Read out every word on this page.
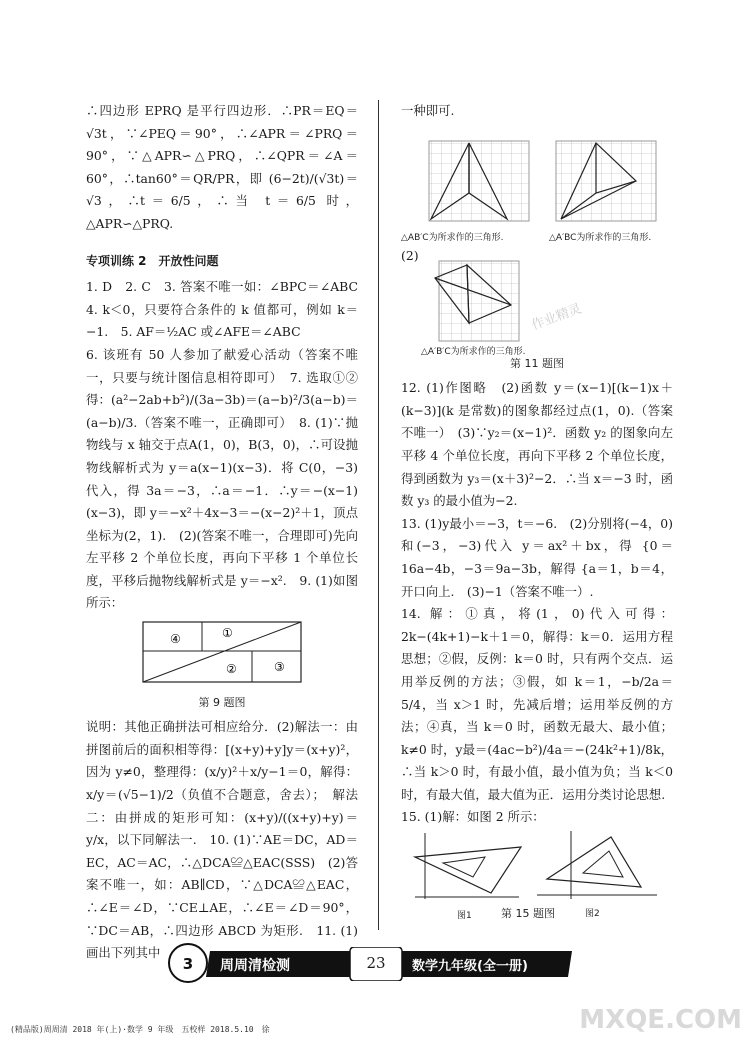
∴四边形 EPRQ 是平行四边形．∴PR＝EQ＝√3t，∵∠PEQ＝90°，∴∠APR＝∠PRQ＝90°，∵△APR∽△PRQ，∴∠QPR＝∠A＝60°，∴tan60°＝QR/PR，即 (6−2t)/(√3t)＝√3，∴t＝6/5，∴当 t＝6/5 时，△APR∽△PRQ.

专项训练 2　开放性问题

1. D　2. C　3. 答案不唯一如：∠BPC＝∠ABC　4. k＜0，只要符合条件的 k 值都可，例如 k＝−1.　5. AF＝½AC 或∠AFE＝∠ABC

6. 该班有 50 人参加了献爱心活动（答案不唯一，只要与统计图信息相符即可）　7. 选取①②得：(a²−2ab+b²)/(3a−3b)＝(a−b)²/3(a−b)＝(a−b)/3.（答案不唯一，正确即可）　8. (1)∵抛物线与 x 轴交于点A(1，0)，B(3，0)，∴可设抛物线解析式为 y＝a(x−1)(x−3)．将 C(0，−3)代入，得 3a＝−3，∴a＝−1．∴y＝−(x−1)(x−3)，即 y＝−x²＋4x−3＝−(x−2)²＋1，顶点坐标为(2，1).　(2)(答案不唯一，合理即可)先向左平移 2 个单位长度，再向下平移 1 个单位长度，平移后抛物线解析式是 y＝−x².　9. (1)如图所示：

④	①
②	③
第 9 题图

说明：其他正确拼法可相应给分．(2)解法一：由拼图前后的面积相等得：[(x+y)+y]y＝(x+y)²，因为 y≠0，整理得：(x/y)²＋x/y−1＝0，解得：x/y＝(√5−1)/2（负值不合题意，舍去）；　解法二：由拼成的矩形可知：(x+y)/((x+y)+y)＝y/x，以下同解法一.　10. (1)∵AE＝DC，AD＝EC，AC＝AC，∴△DCA≌△EAC(SSS)　(2)答案不唯一，如：AB∥CD，∵△DCA≌△EAC，∴∠E＝∠D，∵CE⊥AE，∴∠E＝∠D＝90°，∵DC＝AB，∴四边形 ABCD 为矩形.　11. (1)画出下列其中

一种即可.

△AB′C为所求作的三角形.	△A′BC为所求作的三角形.
(2)
△A′B′C为所求作的三角形.
第 11 题图

12. (1)作图略　(2)函数 y＝(x−1)[(k−1)x＋(k−3)](k 是常数)的图象都经过点(1，0).（答案不唯一）　(3)∵y₂＝(x−1)²．函数 y₂ 的图象向左平移 4 个单位长度，再向下平移 2 个单位长度，得到函数为 y₃＝(x＋3)²−2．∴当 x＝−3 时，函数 y₃ 的最小值为−2.

13. (1)y最小＝−3，t＝−6.　(2)分别将(−4，0)和(−3，−3)代入 y＝ax²＋bx，得 {0＝16a−4b，−3＝9a−3b，解得 {a＝1，b＝4，开口向上.　(3)−1（答案不唯一）.

14. 解：①真，将(1，0)代入可得：2k−(4k+1)−k＋1＝0，解得：k＝0．运用方程思想；②假，反例：k＝0 时，只有两个交点．运用举反例的方法；③假，如 k＝1，−b/2a＝5/4，当 x＞1 时，先减后增；运用举反例的方法；④真，当 k＝0 时，函数无最大、最小值；k≠0 时，y最＝(4ac−b²)/4a＝−(24k²+1)/8k，∴当 k＞0 时，有最小值，最小值为负；当 k＜0 时，有最大值，最大值为正．运用分类讨论思想.

15. (1)解：如图 2 所示：

图1	图2
第 15 题图
3	周周清检测	23	数学九年级(全一册)
(精品版)周周清 2018 年(上)·数学 9 年级　五校样 2018.5.10　徐
作业精灵
MXQE.COM
